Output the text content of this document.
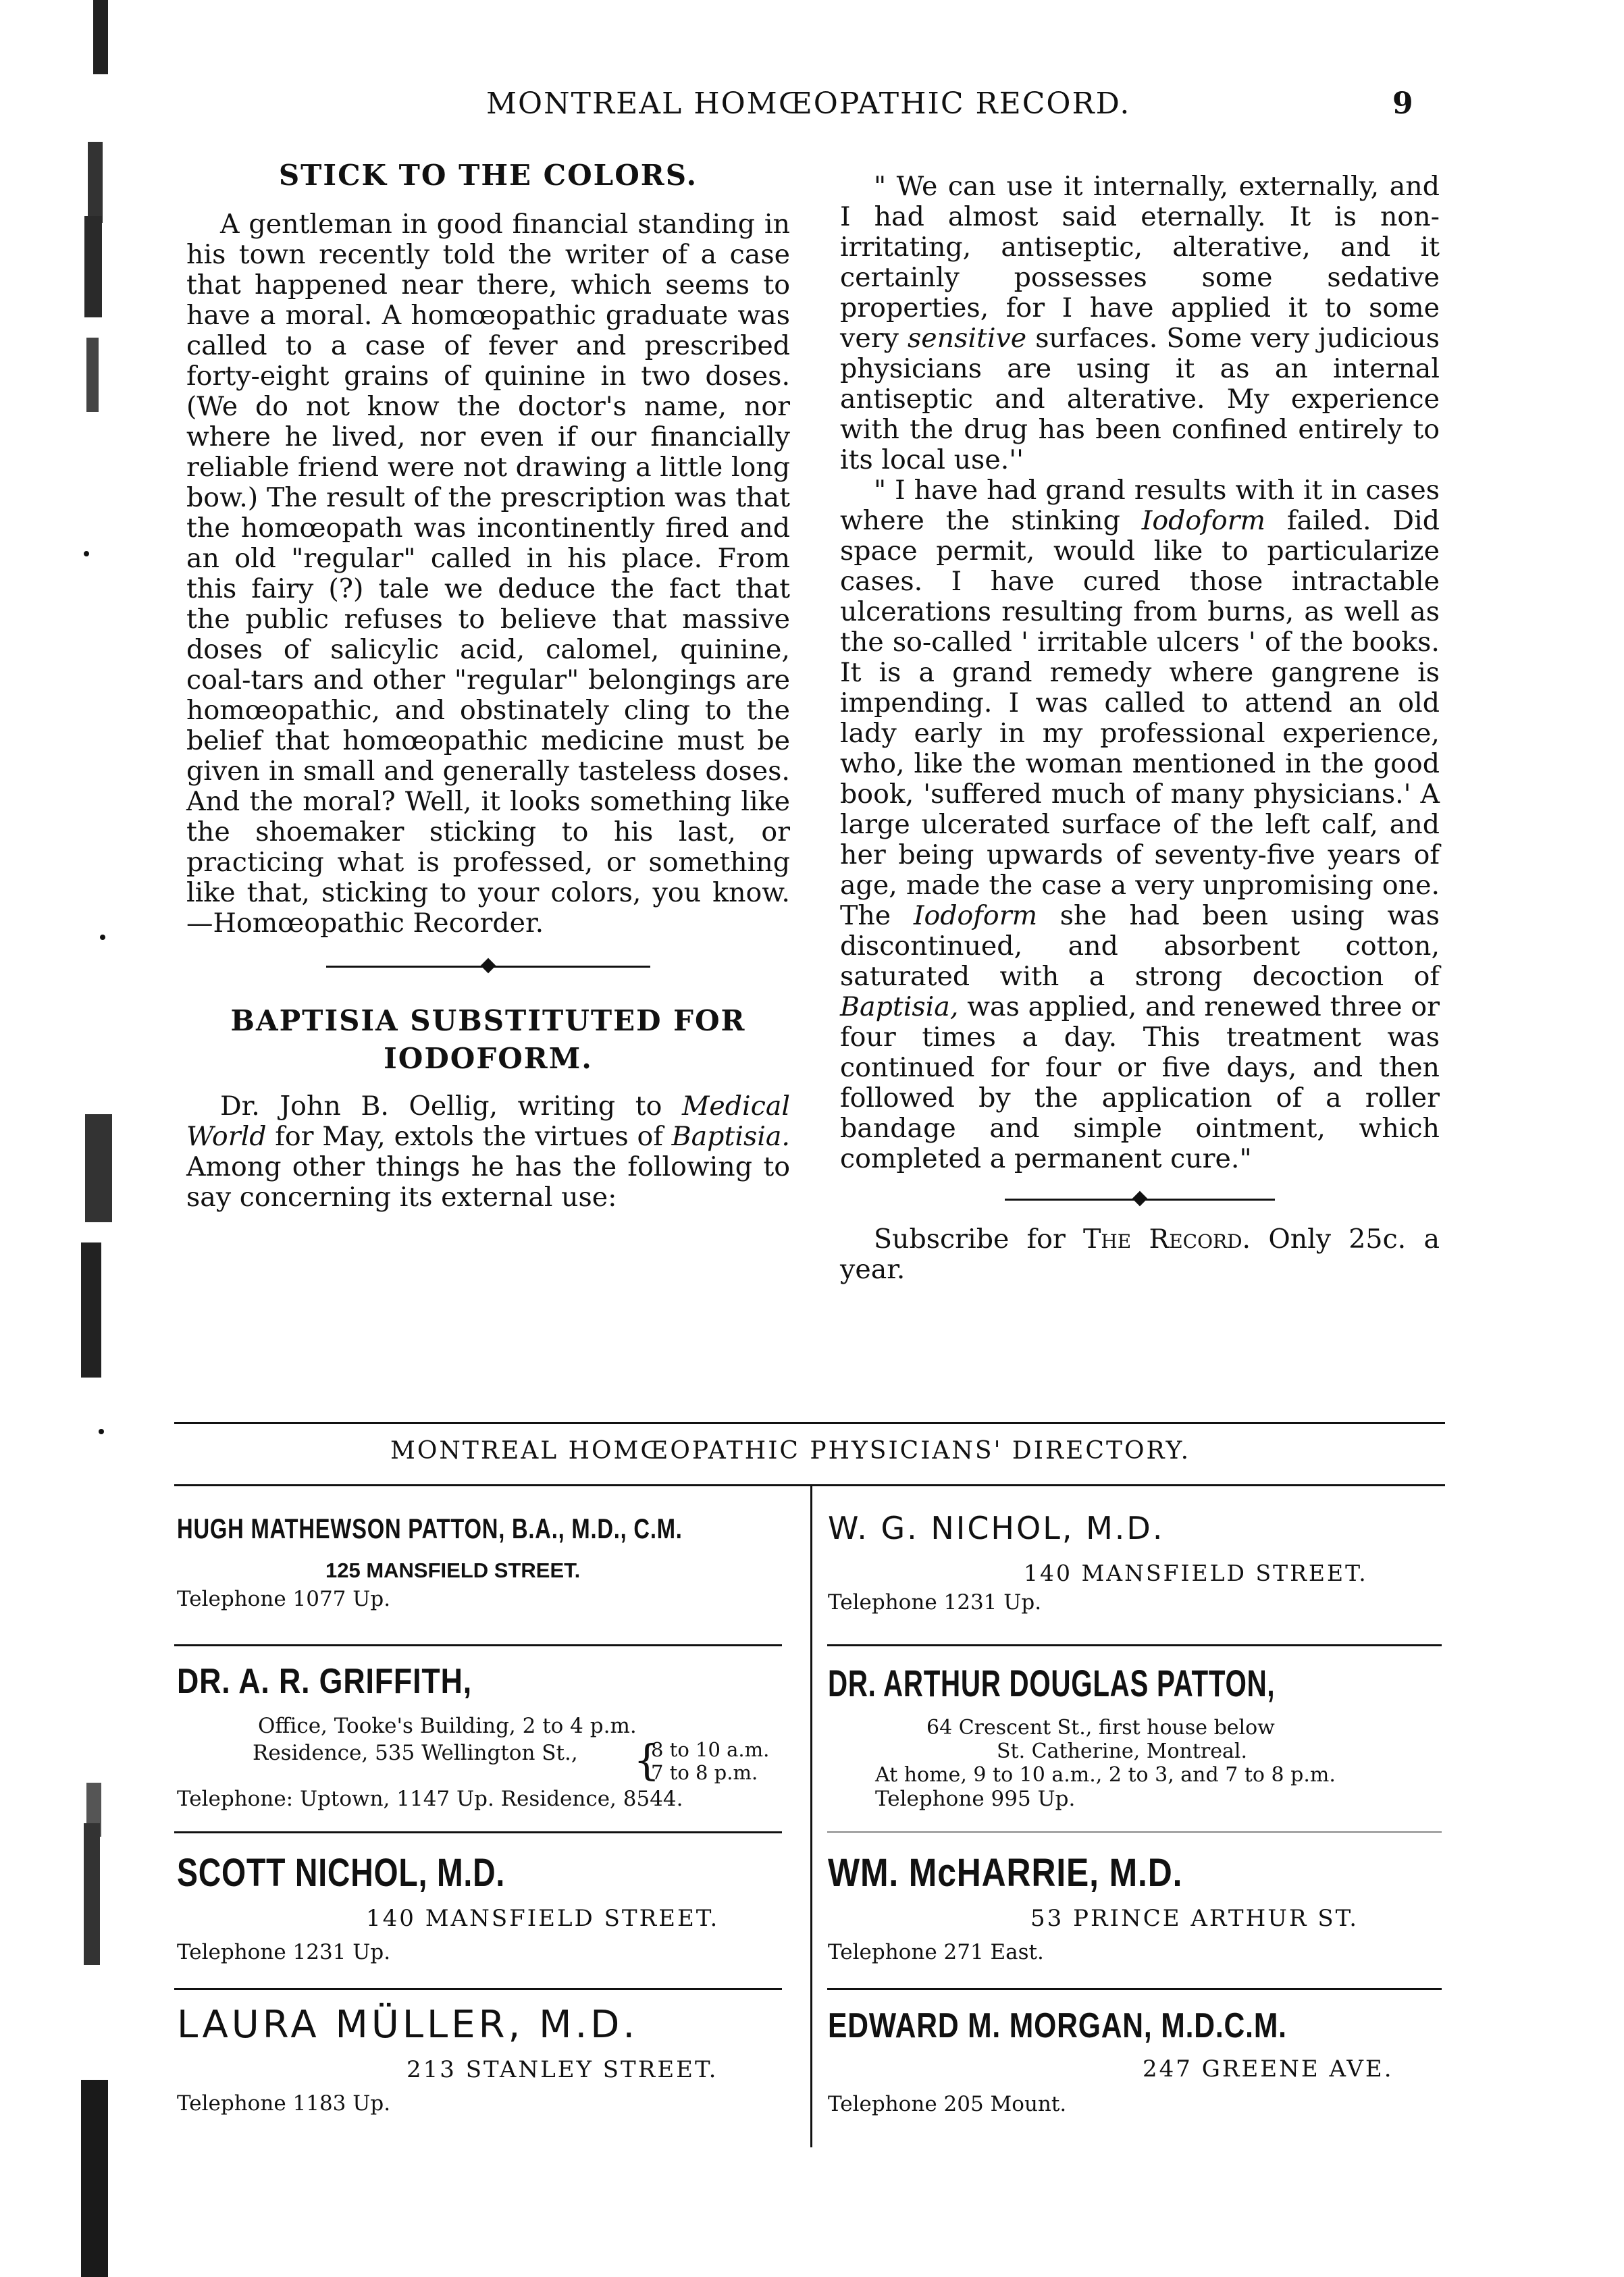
MONTREAL HOMŒOPATHIC RECORD.	9
STICK TO THE COLORS.

A gentleman in good financial standing in his town recently told the writer of a case that happened near there, which seems to have a moral. A homœopathic graduate was called to a case of fever and prescribed forty-eight grains of quinine in two doses. (We do not know the doctor's name, nor where he lived, nor even if our financially reliable friend were not drawing a little long bow.) The result of the prescription was that the homœopath was incontinently fired and an old "regular" called in his place. From this fairy (?) tale we deduce the fact that the public refuses to believe that massive doses of salicylic acid, calomel, quinine, coal-tars and other "regular" belongings are homœopathic, and obstinately cling to the belief that homœopathic medicine must be given in small and generally tasteless doses. And the moral? Well, it looks something like the shoemaker sticking to his last, or practicing what is professed, or something like that, sticking to your colors, you know.—Homœopathic Recorder.

BAPTISIA SUBSTITUTED FOR
IODOFORM.

Dr. John B. Oellig, writing to Medical World for May, extols the virtues of Baptisia. Among other things he has the following to say concerning its external use:

" We can use it internally, externally, and I had almost said eternally. It is non-irritating, antiseptic, alterative, and it certainly possesses some sedative properties, for I have applied it to some very sensitive surfaces. Some very judicious physicians are using it as an internal antiseptic and alterative. My experience with the drug has been confined entirely to its local use.''

" I have had grand results with it in cases where the stinking Iodoform failed. Did space permit, would like to particularize cases. I have cured those intractable ulcerations resulting from burns, as well as the so-called ' irritable ulcers ' of the books. It is a grand remedy where gangrene is impending. I was called to attend an old lady early in my professional experience, who, like the woman mentioned in the good book, 'suffered much of many physicians.' A large ulcerated surface of the left calf, and her being upwards of seventy-five years of age, made the case a very unpromising one. The Iodoform she had been using was discontinued, and absorbent cotton, saturated with a strong decoction of Baptisia, was applied, and renewed three or four times a day. This treatment was continued for four or five days, and then followed by the application of a roller bandage and simple ointment, which completed a permanent cure."

Subscribe for The Record. Only 25c. a year.

MONTREAL HOMŒOPATHIC PHYSICIANS' DIRECTORY.
HUGH MATHEWSON PATTON, B.A., M.D., C.M.
125 MANSFIELD STREET.
Telephone 1077 Up.
W. G. NICHOL, M.D.
140 MANSFIELD STREET.
Telephone 1231 Up.
DR. A. R. GRIFFITH,
Office, Tooke's Building, 2 to 4 p.m.
Residence, 535 Wellington St., {
8 to 10 a.m.
7 to 8 p.m.
Telephone: Uptown, 1147 Up. Residence, 8544.
DR. ARTHUR DOUGLAS PATTON,
64 Crescent St., first house below
St. Catherine, Montreal.
At home, 9 to 10 a.m., 2 to 3, and 7 to 8 p.m.
Telephone 995 Up.
SCOTT NICHOL, M.D.
140 MANSFIELD STREET.
Telephone 1231 Up.
WM. McHARRIE, M.D.
53 PRINCE ARTHUR ST.
Telephone 271 East.
LAURA MÜLLER, M.D.
213 STANLEY STREET.
Telephone 1183 Up.
EDWARD M. MORGAN, M.D.C.M.
247 GREENE AVE.
Telephone 205 Mount.
